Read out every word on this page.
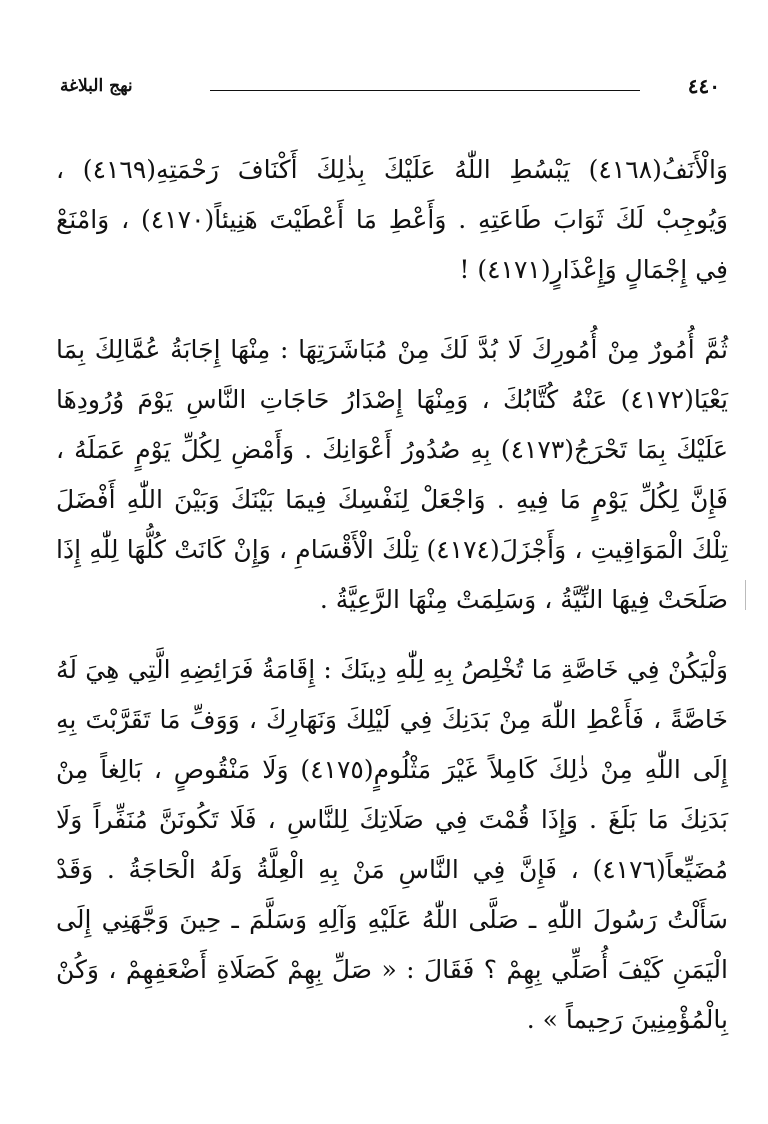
٤٤٠
نهج البلاغة

وَالْأَنَفُ(٤١٦٨) يَبْسُطِ اللّٰهُ عَلَيْكَ بِذٰلِكَ أَكْنَافَ رَحْمَتِهِ(٤١٦٩) ، وَيُوجِبْ لَكَ ثَوَابَ طَاعَتِهِ . وَأَعْطِ مَا أَعْطَيْتَ هَنِيئاً(٤١٧٠) ، وَامْنَعْ فِي إِجْمَالٍ وَإِعْذَارٍ(٤١٧١) !

ثُمَّ أُمُورٌ مِنْ أُمُورِكَ لَا بُدَّ لَكَ مِنْ مُبَاشَرَتِهَا : مِنْهَا إِجَابَةُ عُمَّالِكَ بِمَا يَعْيَا(٤١٧٢) عَنْهُ كُتَّابُكَ ، وَمِنْهَا إِصْدَارُ حَاجَاتِ النَّاسِ يَوْمَ وُرُودِهَا عَلَيْكَ بِمَا تَحْرَجُ(٤١٧٣) بِهِ صُدُورُ أَعْوَانِكَ . وَأَمْضِ لِكُلِّ يَوْمٍ عَمَلَهُ ، فَإِنَّ لِكُلِّ يَوْمٍ مَا فِيهِ . وَاجْعَلْ لِنَفْسِكَ فِيمَا بَيْنَكَ وَبَيْنَ اللّٰهِ أَفْضَلَ تِلْكَ الْمَوَاقِيتِ ، وَأَجْزَلَ(٤١٧٤) تِلْكَ الْأَقْسَامِ ، وَإِنْ كَانَتْ كُلُّهَا لِلّٰهِ إِذَا صَلَحَتْ فِيهَا النِّيَّةُ ، وَسَلِمَتْ مِنْهَا الرَّعِيَّةُ .

وَلْيَكُنْ فِي خَاصَّةِ مَا تُخْلِصُ بِهِ لِلّٰهِ دِينَكَ : إِقَامَةُ فَرَائِضِهِ الَّتِي هِيَ لَهُ خَاصَّةً ، فَأَعْطِ اللّٰهَ مِنْ بَدَنِكَ فِي لَيْلِكَ وَنَهَارِكَ ، وَوَفِّ مَا تَقَرَّبْتَ بِهِ إِلَى اللّٰهِ مِنْ ذٰلِكَ كَامِلاً غَيْرَ مَثْلُومٍ(٤١٧٥) وَلَا مَنْقُوصٍ ، بَالِغاً مِنْ بَدَنِكَ مَا بَلَغَ . وَإِذَا قُمْتَ فِي صَلَاتِكَ لِلنَّاسِ ، فَلَا تَكُونَنَّ مُنَفِّراً وَلَا مُضَيِّعاً(٤١٧٦) ، فَإِنَّ فِي النَّاسِ مَنْ بِهِ الْعِلَّةُ وَلَهُ الْحَاجَةُ . وَقَدْ سَأَلْتُ رَسُولَ اللّٰهِ ـ صَلَّى اللّٰهُ عَلَيْهِ وَآلِهِ وَسَلَّمَ ـ حِينَ وَجَّهَنِي إِلَى الْيَمَنِ كَيْفَ أُصَلِّي بِهِمْ ؟ فَقَالَ : « صَلِّ بِهِمْ كَصَلَاةِ أَضْعَفِهِمْ ، وَكُنْ بِالْمُؤْمِنِينَ رَحِيماً » .
